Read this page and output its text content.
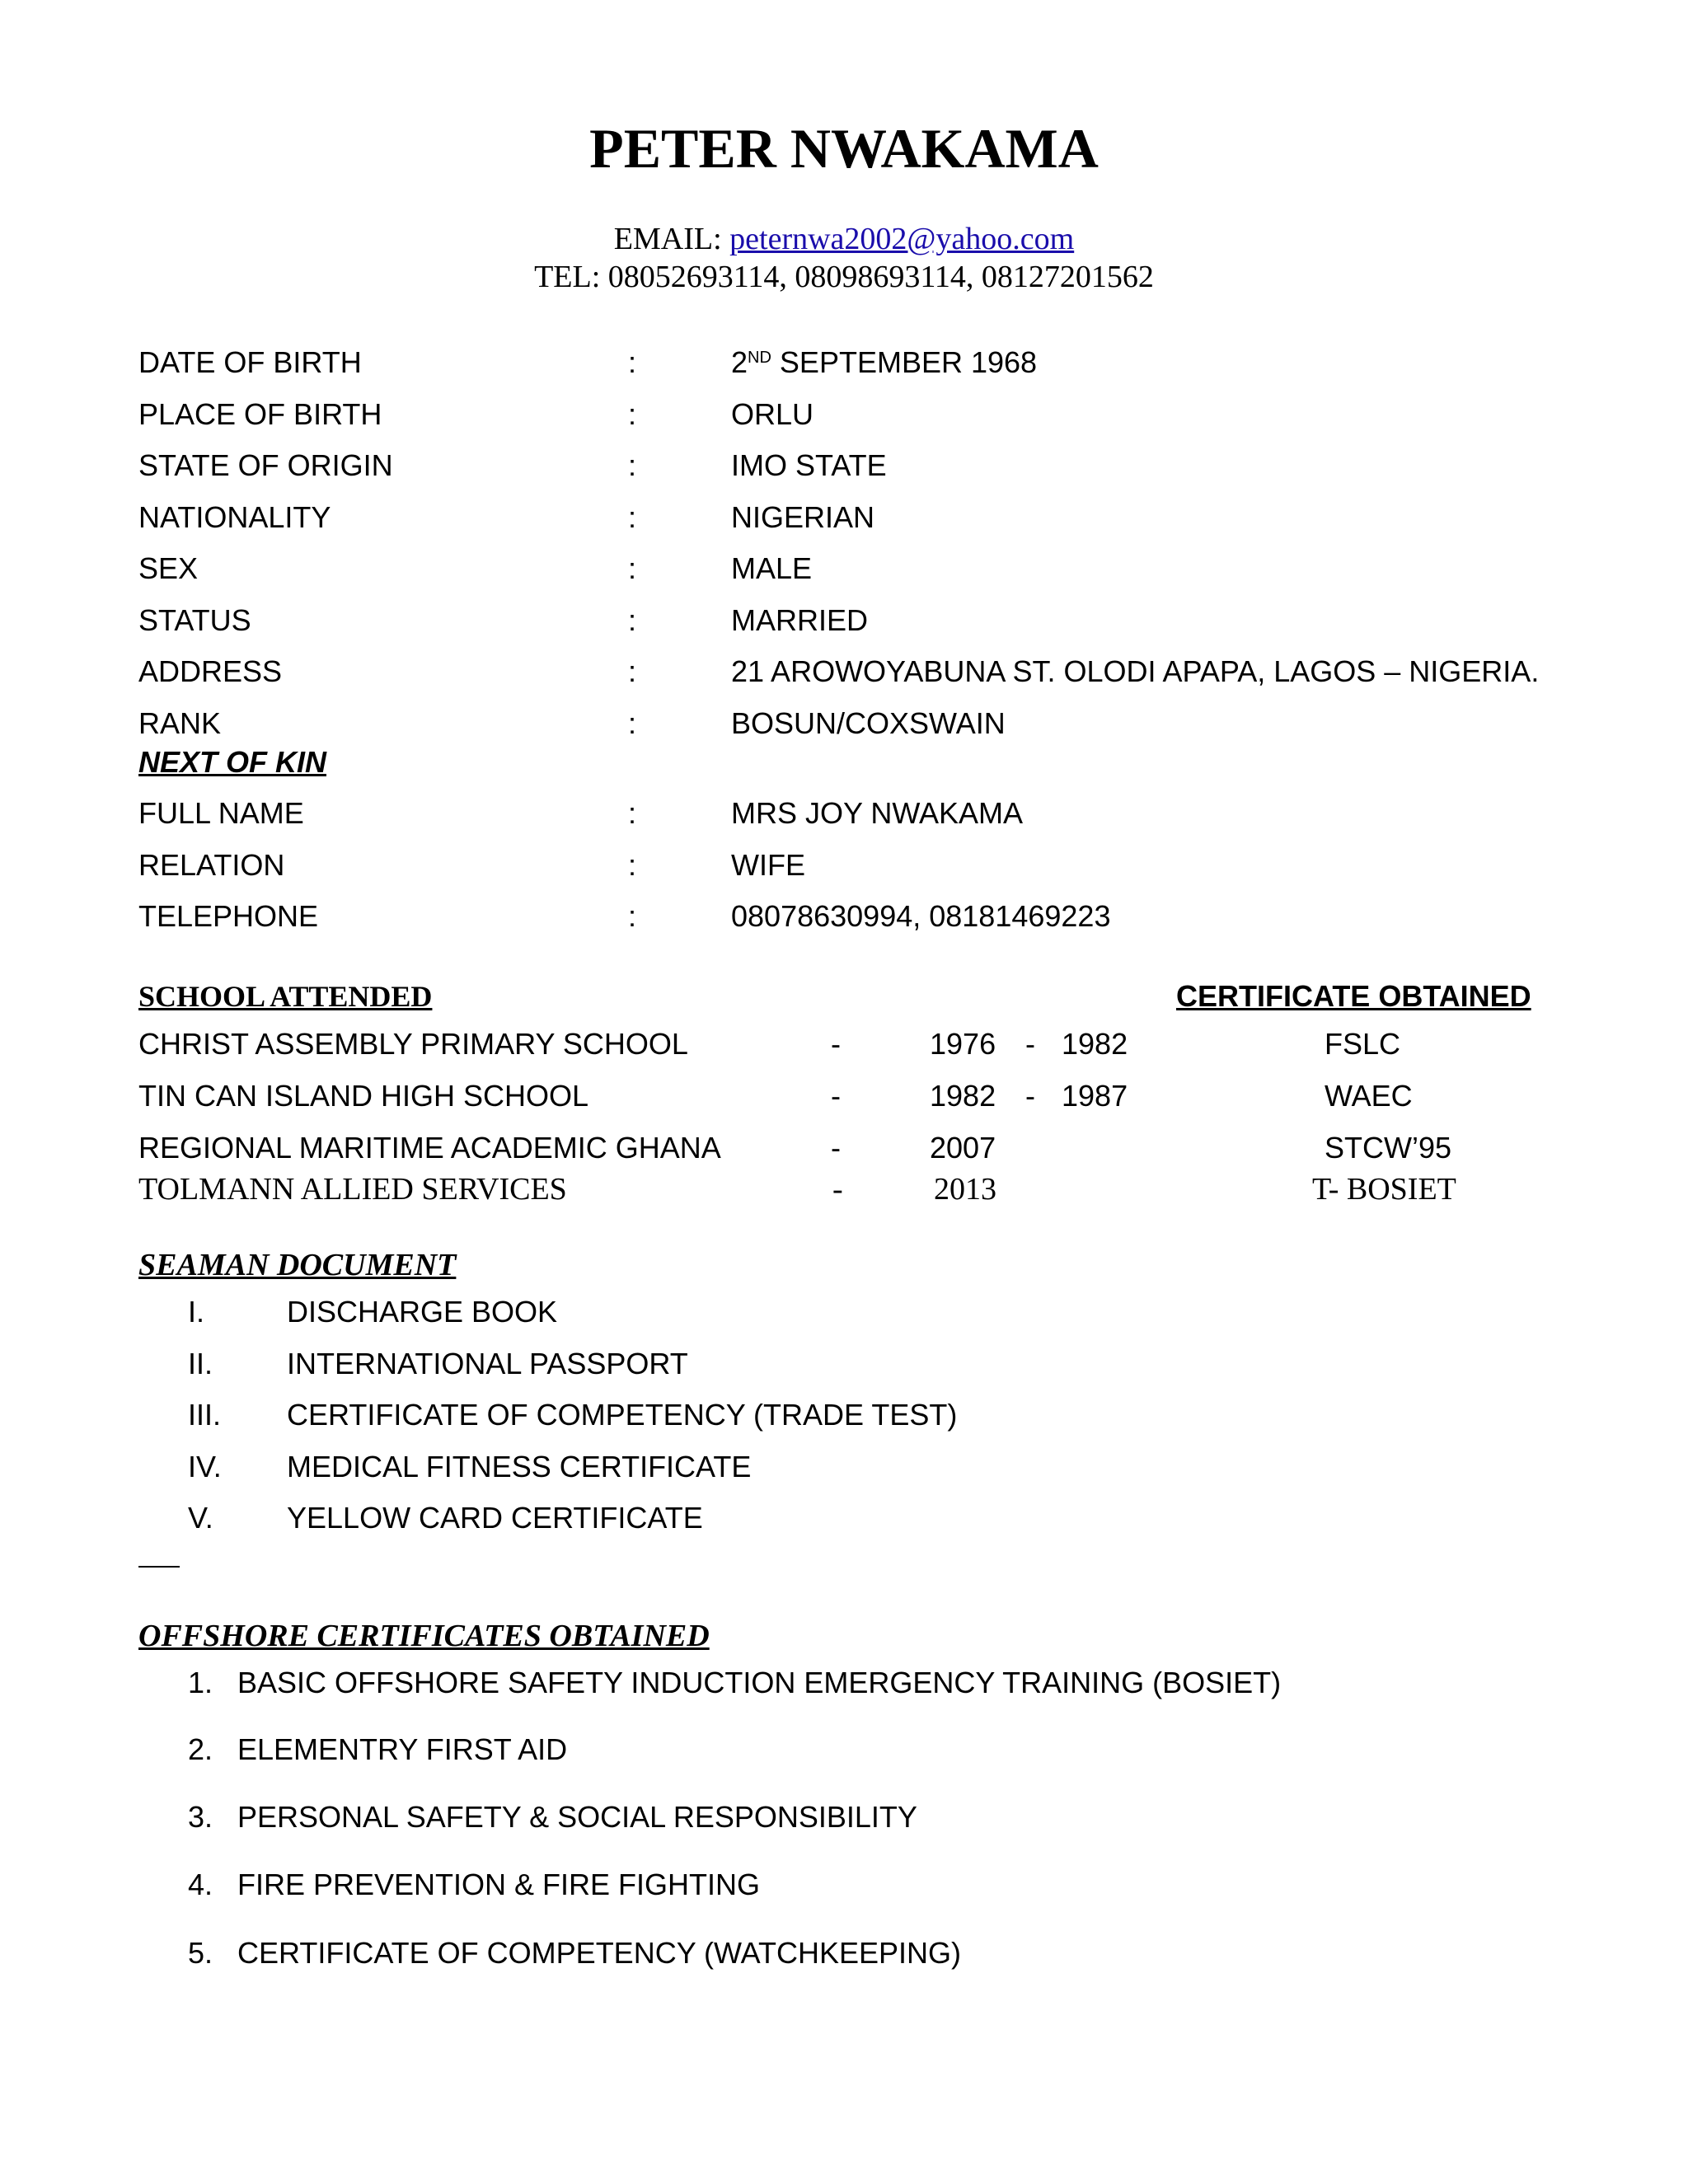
PETER NWAKAMA
EMAIL: peternwa2002@yahoo.com
TEL: 08052693114, 08098693114, 08127201562
DATE OF BIRTH	:	2ND SEPTEMBER 1968
PLACE OF BIRTH	:	ORLU
STATE OF ORIGIN	:	IMO STATE
NATIONALITY	:	NIGERIAN
SEX	:	MALE
STATUS	:	MARRIED
ADDRESS	:	21 AROWOYABUNA ST. OLODI APAPA, LAGOS – NIGERIA.
RANK	:	BOSUN/COXSWAIN
NEXT OF KIN
FULL NAME	:	MRS JOY NWAKAMA
RELATION	:	WIFE
TELEPHONE	:	08078630994, 08181469223
SCHOOL ATTENDED	CERTIFICATE OBTAINED
CHRIST ASSEMBLY PRIMARY SCHOOL	-	1976 - 1982	FSLC
TIN CAN ISLAND HIGH SCHOOL	-	1982 - 1987	WAEC
REGIONAL MARITIME ACADEMIC GHANA	-	2007	STCW’95
TOLMANN ALLIED SERVICES	-	2013	T- BOSIET
SEAMAN DOCUMENT
I.	DISCHARGE BOOK
II. INTERNATIONAL PASSPORT
III. CERTIFICATE OF COMPETENCY (TRADE TEST)
IV. MEDICAL FITNESS CERTIFICATE
V. YELLOW CARD CERTIFICATE
OFFSHORE CERTIFICATES OBTAINED
1. BASIC OFFSHORE SAFETY INDUCTION EMERGENCY TRAINING (BOSIET)
2. ELEMENTRY FIRST AID
3. PERSONAL SAFETY & SOCIAL RESPONSIBILITY
4. FIRE PREVENTION & FIRE FIGHTING
5. CERTIFICATE OF COMPETENCY (WATCHKEEPING)
